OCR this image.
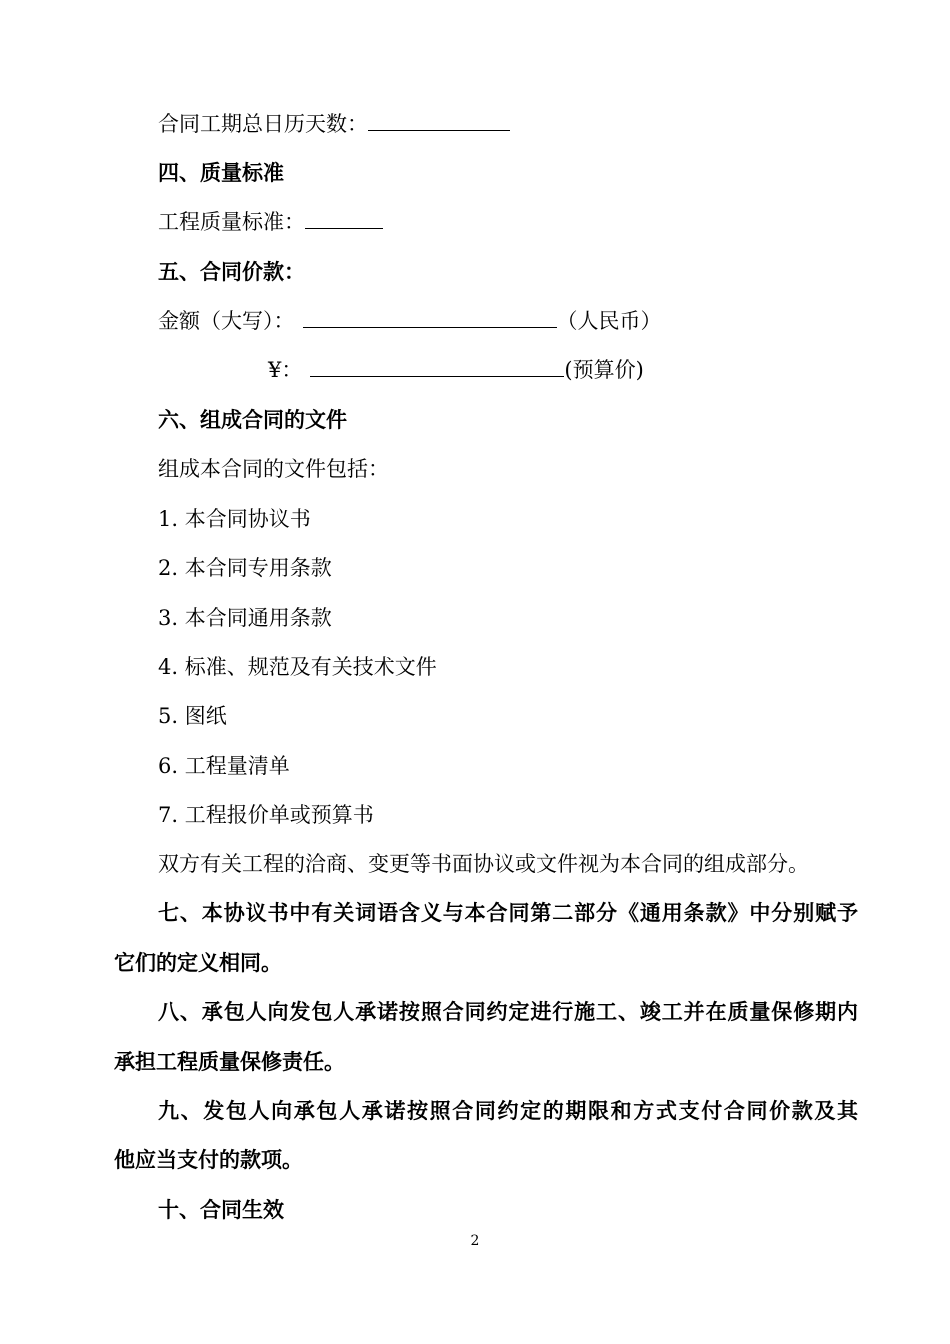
合同工期总日历天数：
四、质量标准
工程质量标准：
五、合同价款：
金额（大写）：	（人民币）
¥：	(预算价)
六、组成合同的文件
组成本合同的文件包括：
1. 本合同协议书
2. 本合同专用条款
3. 本合同通用条款
4. 标准、规范及有关技术文件
5. 图纸
6. 工程量清单
7. 工程报价单或预算书
双方有关工程的洽商、变更等书面协议或文件视为本合同的组成部分。
七、本协议书中有关词语含义与本合同第二部分《通用条款》中分别赋予
它们的定义相同。
八、承包人向发包人承诺按照合同约定进行施工、竣工并在质量保修期内
承担工程质量保修责任。
九、发包人向承包人承诺按照合同约定的期限和方式支付合同价款及其
他应当支付的款项。
十、合同生效
2
